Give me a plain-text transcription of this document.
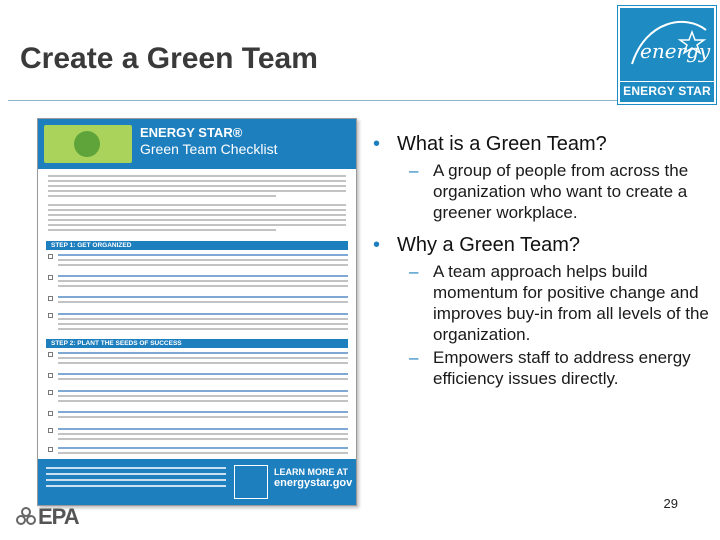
Create a Green Team	energy
ENERGY STAR
ENERGY STAR®
Green Team Checklist
STEP 1: GET ORGANIZED
STEP 2: PLANT THE SEEDS OF SUCCESS
LEARN MORE AT
energystar.gov
• What is a Green Team?
– A group of people from across the organization who want to create a greener workplace.
• Why a Green Team?
– A team approach helps build momentum for positive change and improves buy-in from all levels of the organization.
– Empowers staff to address energy efficiency issues directly.
29
EPA
